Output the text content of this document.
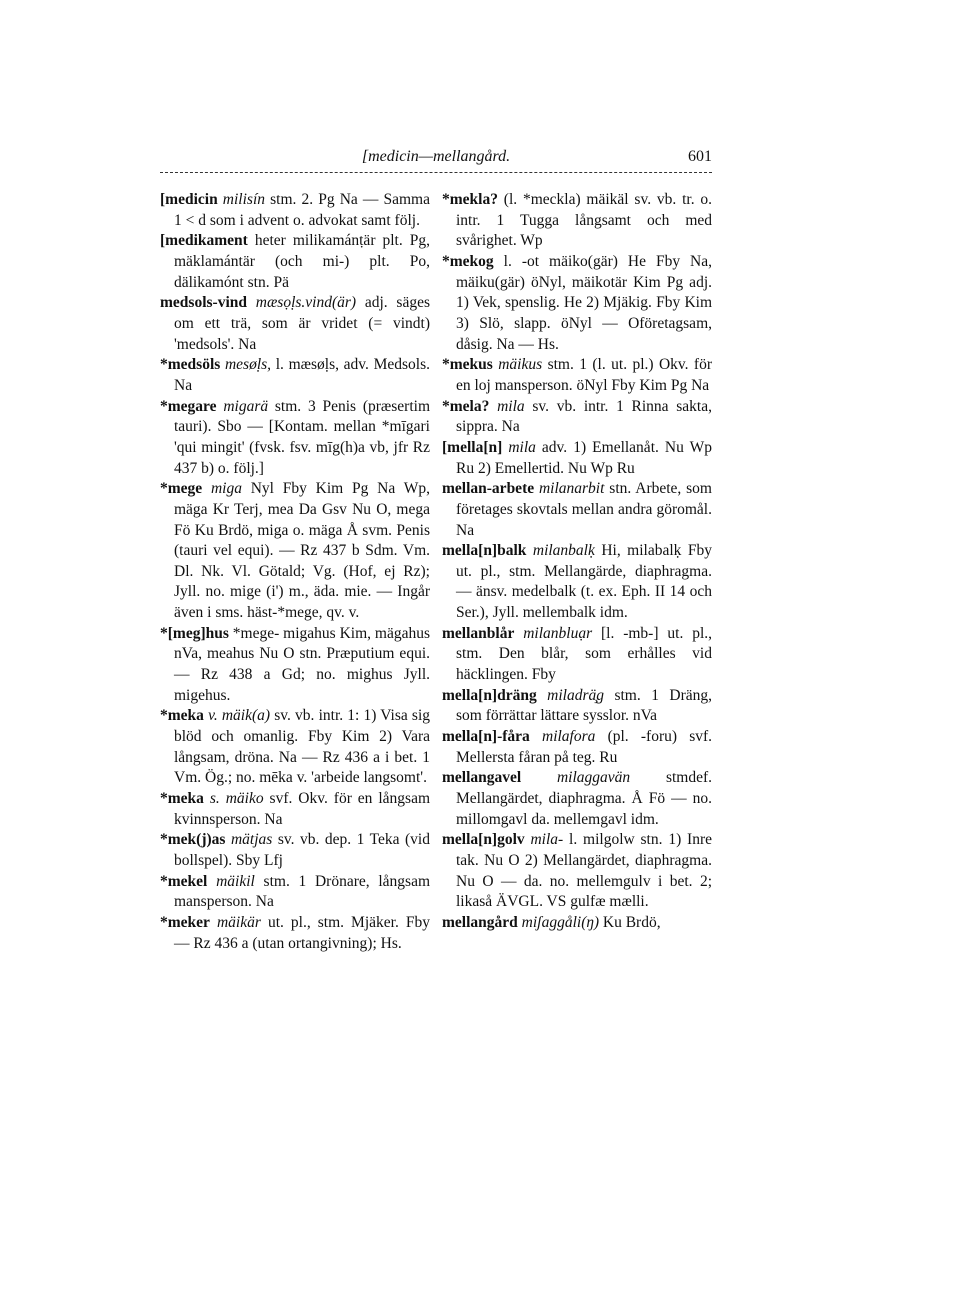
[medicin—mellangård.	601

[medicin milisín stm. 2. Pg Na — Samma 1 < d som i advent o. advokat samt följ.

[medikament heter milikamánṭär plt. Pg, mäklamántär (och mi-) plt. Po, dälikamónt stn. Pä

medsols-vind mæsọḷs.vind(är) adj. säges om ett trä, som är vridet (= vindt) 'medsols'. Na

*medsöls mesøḷs, l. mæsøḷs, adv. Medsols. Na

*megare migarä stm. 3 Penis (præsertim tauri). Sbo — [Kontam. mellan *mīgari 'qui mingit' (fvsk. fsv. mīg(h)a vb, jfr Rz 437 b) o. följ.]

*mege miga Nyl Fby Kim Pg Na Wp, mäga Kr Terj, mea Da Gsv Nu O, mega Fö Ku Brdö, miga o. mäga Å svm. Penis (tauri vel equi). — Rz 437 b Sdm. Vm. Dl. Nk. Vl. Götald; Vg. (Hof, ej Rz); Jyll. no. mige (i') m., äda. mie. — Ingår även i sms. häst-*mege, qv. v.

*[meg]hus *mege- migahus Kim, mägahus nVa, meahus Nu O stn. Præputium equi. — Rz 438 a Gd; no. mighus Jyll. migehus.

*meka v. mäik(a) sv. vb. intr. 1: 1) Visa sig blöd och omanlig. Fby Kim 2) Vara långsam, dröna. Na — Rz 436 a i bet. 1 Vm. Ög.; no. mēka v. 'arbeide langsomt'.

*meka s. mäiko svf. Okv. för en långsam kvinnsperson. Na

*mek(j)as mätjas sv. vb. dep. 1 Teka (vid bollspel). Sby Lfj

*mekel mäikil stm. 1 Drönare, långsam mansperson. Na

*meker mäikär ut. pl., stm. Mjäker. Fby — Rz 436 a (utan ortangivning); Hs.

*mekla? (l. *meckla) mäikäl sv. vb. tr. o. intr. 1 Tugga långsamt och med svårighet. Wp

*mekog l. -ot mäiko(gär) He Fby Na, mäiku(gär) öNyl, mäikotär Kim Pg adj. 1) Vek, spenslig. He 2) Mjäkig. Fby Kim 3) Slö, slapp. öNyl — Oföretagsam, dåsig. Na — Hs.

*mekus mäikus stm. 1 (l. ut. pl.) Okv. för en loj mansperson. öNyl Fby Kim Pg Na

*mela? mila sv. vb. intr. 1 Rinna sakta, sippra. Na

[mella[n] mila adv. 1) Emellanåt. Nu Wp Ru 2) Emellertid. Nu Wp Ru

mellan-arbete milanarbit stn. Arbete, som företages skovtals mellan andra göromål. Na

mella[n]balk milanbalḳ Hi, milabalḳ Fby ut. pl., stm. Mellangärde, diaphragma. — änsv. medelbalk (t. ex. Eph. II 14 och Ser.), Jyll. mellembalk idm.

mellanblår milanbluạr [l. -mb-] ut. pl., stm. Den blår, som erhålles vid häcklingen. Fby

mella[n]dräng miladrä̧g stm. 1 Dräng, som förrättar lättare sysslor. nVa

mella[n]-fåra milafora (pl. -foru) svf. Mellersta fåran på teg. Ru

mellangavel milaggavän stmdef. Mellangärdet, diaphragma. Å Fö — no. millomgavl da. mellemgavl idm.

mella[n]golv mila- l. milgolw stn. 1) Inre tak. Nu O 2) Mellangärdet, diaphragma. Nu O — da. no. mellemgulv i bet. 2; likaså ÄVGL. VS gulfæ mælli.

mellangård miʃaggåli(ŋ) Ku Brdö,
